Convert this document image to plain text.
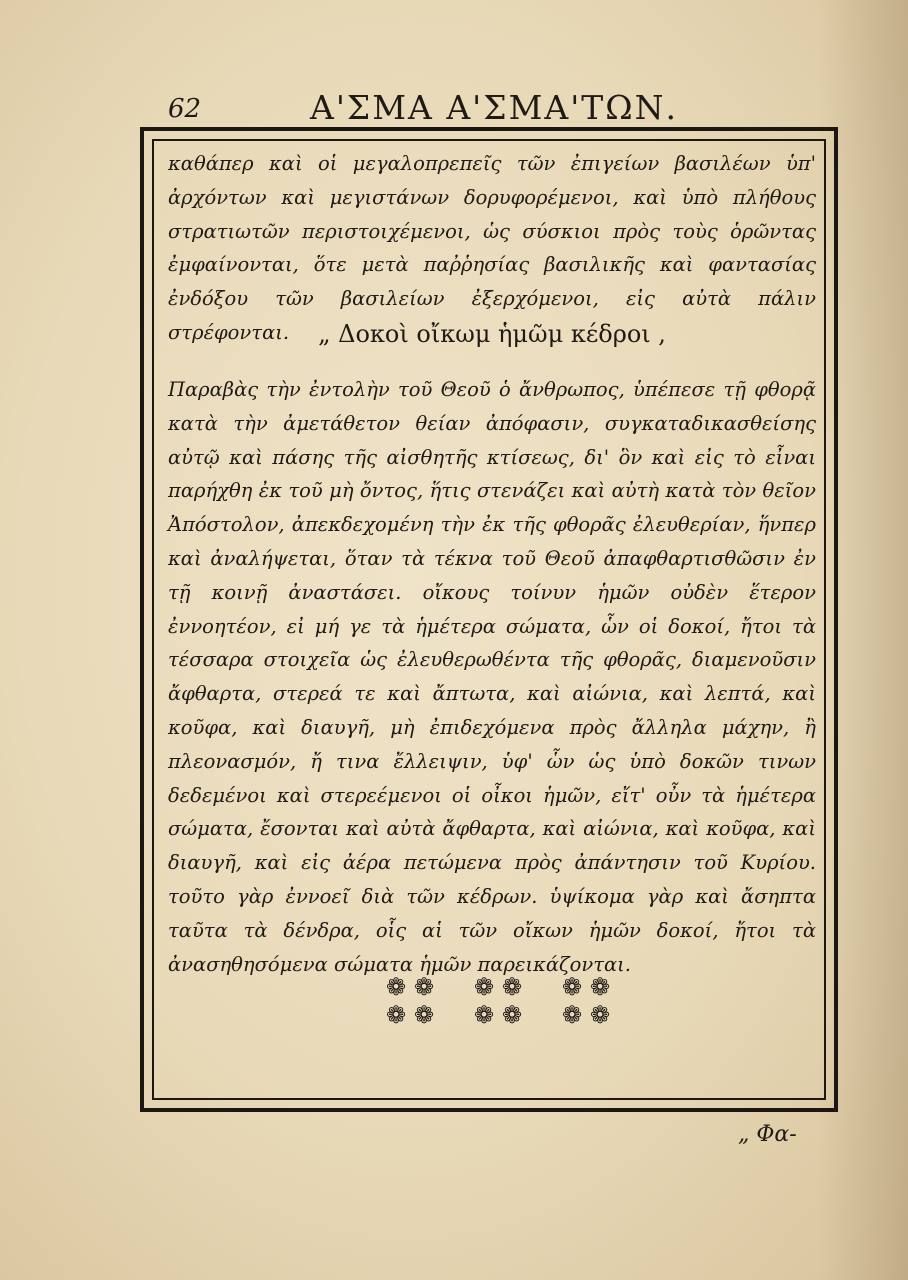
62	Α'ΣΜΑ Α'ΣΜΑ'ΤΩΝ.
καθάπερ καὶ οἱ μεγαλοπρεπεῖς τῶν ἐπιγείων βασιλέων ὑπ' ἀρχόντων καὶ μεγιστάνων δορυφορέμενοι, καὶ ὑπὸ πλήθους στρατιωτῶν περιστοιχέμενοι, ὡς σύσκιοι πρὸς τοὺς ὁρῶντας ἐμφαίνονται, ὅτε μετὰ παῤῥησίας βασιλικῆς καὶ φαντασίας ἐνδόξου τῶν βασιλείων ἐξερχόμενοι, εἰς αὐτὰ πάλιν στρέφονται.	„ Δοκοὶ οἴκωμ ἡμῶμ κέδροι ,
Παραβὰς τὴν ἐντολὴν τοῦ Θεοῦ ὁ ἄνθρωπος, ὑπέπεσε τῇ φθορᾷ κατὰ τὴν ἀμετάθετον θείαν ἀπόφασιν, συγκαταδικασθείσης αὐτῷ καὶ πάσης τῆς αἰσθητῆς κτίσεως, δι' ὃν καὶ εἰς τὸ εἶναι παρήχθη ἐκ τοῦ μὴ ὄντος, ἥτις στενάζει καὶ αὐτὴ κατὰ τὸν θεῖον Ἀπόστολον, ἀπεκδεχομένη τὴν ἐκ τῆς φθορᾶς ἐλευθερίαν, ἥνπερ καὶ ἀναλήψεται, ὅταν τὰ τέκνα τοῦ Θεοῦ ἀπαφθαρτισθῶσιν ἐν τῇ κοινῇ ἀναστάσει. οἴκους τοίνυν ἡμῶν οὐδὲν ἕτερον ἐννοητέον, εἰ μή γε τὰ ἡμέτερα σώματα, ὧν οἱ δοκοί, ἤτοι τὰ τέσσαρα στοιχεῖα ὡς ἐλευθερωθέντα τῆς φθορᾶς, διαμενοῦσιν ἄφθαρτα, στερεά τε καὶ ἄπτωτα, καὶ αἰώνια, καὶ λεπτά, καὶ κοῦφα, καὶ διαυγῆ, μὴ ἐπιδεχόμενα πρὸς ἄλληλα μάχην, ἢ πλεονασμόν, ἤ τινα ἔλλειψιν, ὑφ' ὧν ὡς ὑπὸ δοκῶν τινων δεδεμένοι καὶ στερεέμενοι οἱ οἶκοι ἡμῶν, εἴτ' οὖν τὰ ἡμέτερα σώματα, ἔσονται καὶ αὐτὰ ἄφθαρτα, καὶ αἰώνια, καὶ κοῦφα, καὶ διαυγῆ, καὶ εἰς ἀέρα πετώμενα πρὸς ἀπάντησιν τοῦ Κυρίου. τοῦτο γὰρ ἐννοεῖ διὰ τῶν κέδρων. ὑψίκομα γὰρ καὶ ἄσηπτα ταῦτα τὰ δένδρα, οἷς αἱ τῶν οἴκων ἡμῶν δοκοί, ἤτοι τὰ ἀνασηθησόμενα σώματα ἡμῶν παρεικάζονται.
❁ ❁
❁ ❁
❁ ❁
❁ ❁
❁ ❁
❁ ❁
„ Φα-
